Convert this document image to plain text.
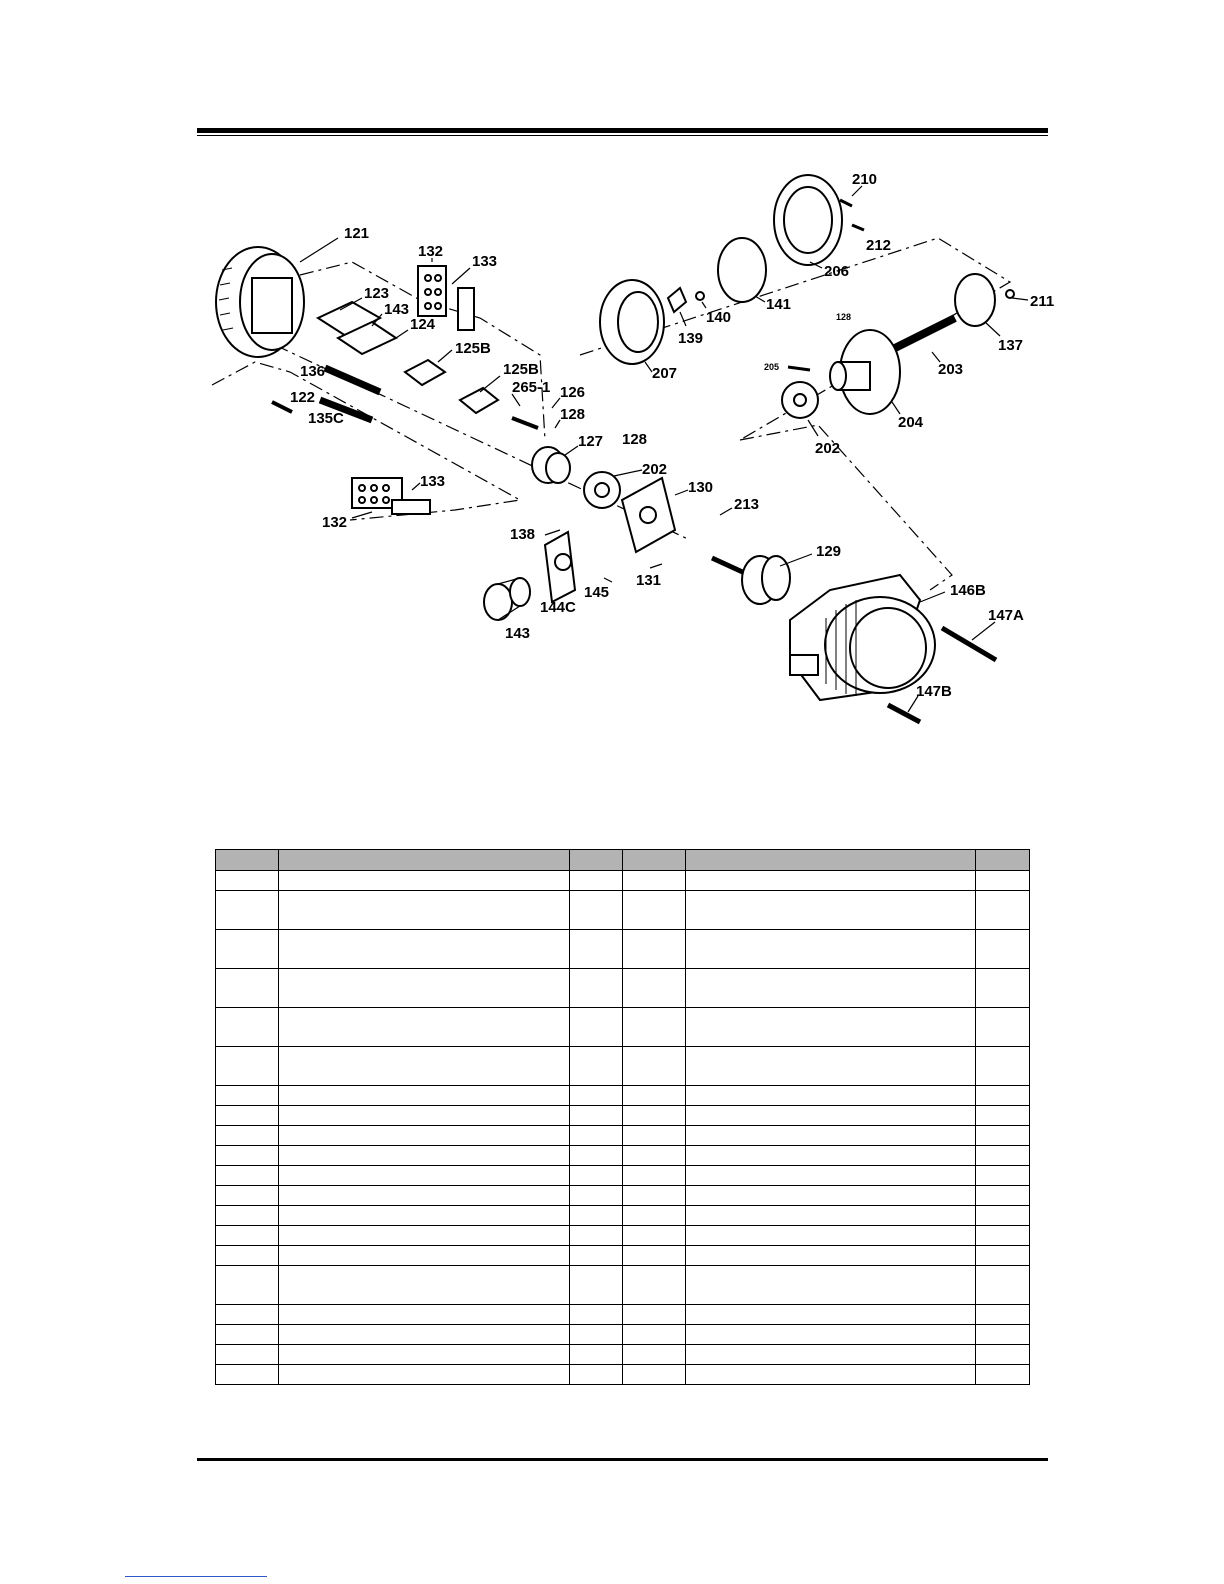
121
132
133
123
143
124
125B
125B
265-1 126
128
136
122
135C
127 128
202
133
132
130
138
213
145
131
129
143
144C
146B
147A
147B
210
212
206
141
140
139
207
211
128
205	203
137
204
202
